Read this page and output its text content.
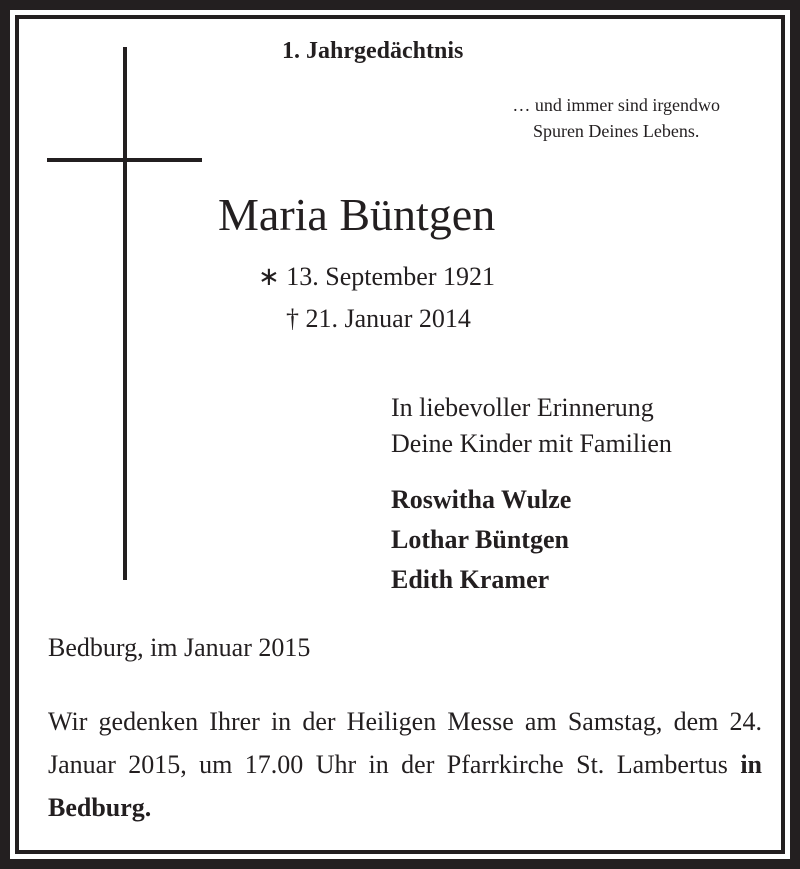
1. Jahrgedächtnis
… und immer sind irgendwo
Spuren Deines Lebens.
Maria Büntgen
∗ 13. September 1921
† 21. Januar 2014
In liebevoller Erinnerung
Deine Kinder mit Familien
Roswitha Wulze
Lothar Büntgen
Edith Kramer
Bedburg, im Januar 2015
Wir gedenken Ihrer in der Heiligen Messe am Samstag, dem 24. Januar 2015, um 17.00 Uhr in der Pfarrkirche St. Lambertus in Bedburg.
